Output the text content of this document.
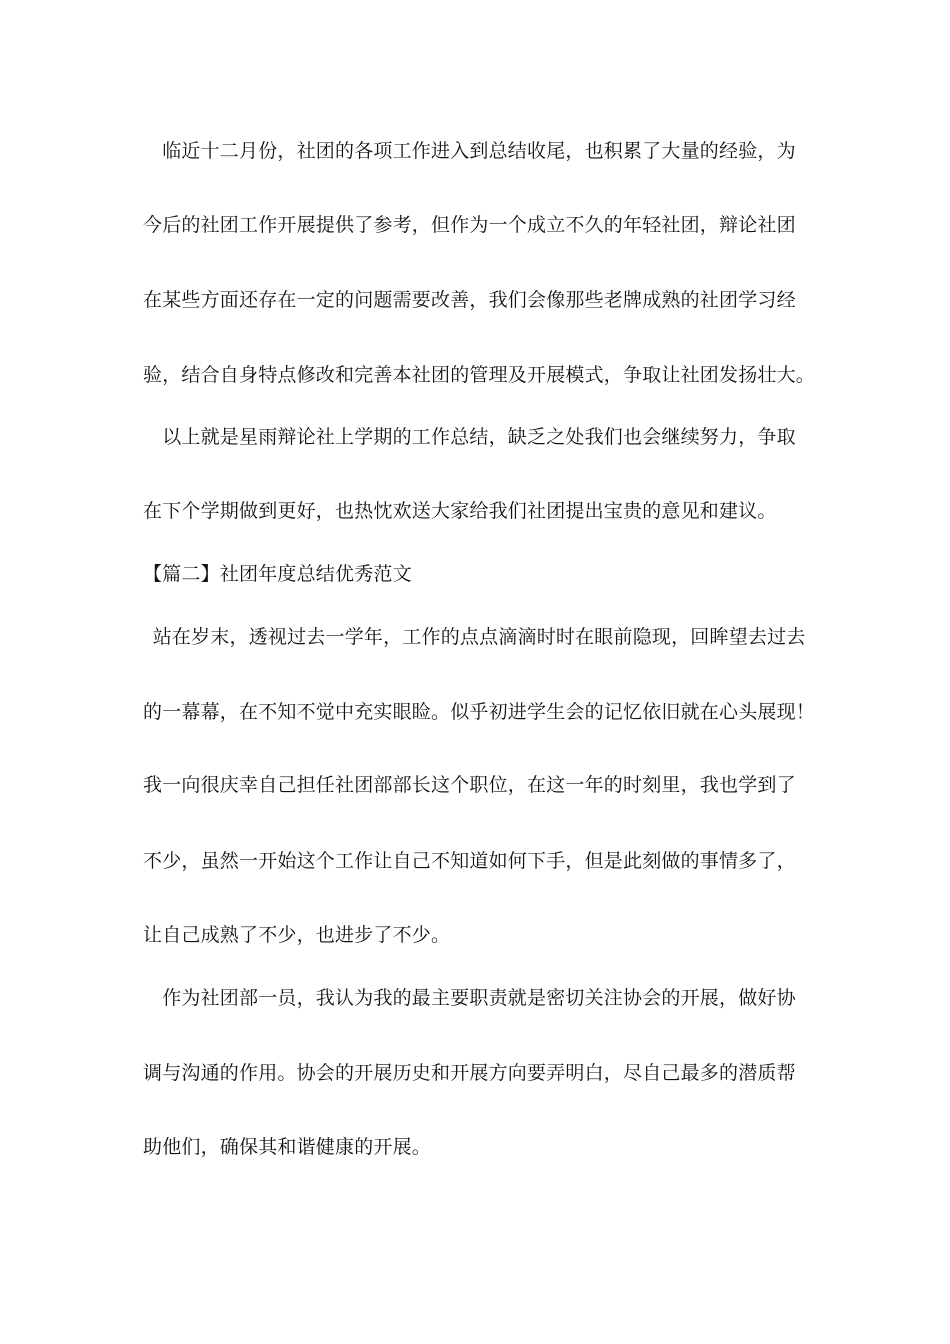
　临近十二月份，社团的各项工作进入到总结收尾，也积累了大量的经验，为
今后的社团工作开展提供了参考，但作为一个成立不久的年轻社团，辩论社团
在某些方面还存在一定的问题需要改善，我们会像那些老牌成熟的社团学习经
验，结合自身特点修改和完善本社团的管理及开展模式，争取让社团发扬壮大。
　以上就是星雨辩论社上学期的工作总结，缺乏之处我们也会继续努力，争取
在下个学期做到更好，也热忱欢送大家给我们社团提出宝贵的意见和建议。
【篇二】社团年度总结优秀范文
 站在岁末，透视过去一学年，工作的点点滴滴时时在眼前隐现，回眸望去过去
的一幕幕，在不知不觉中充实眼睑。似乎初进学生会的记忆依旧就在心头展现！
我一向很庆幸自己担任社团部部长这个职位，在这一年的时刻里，我也学到了
不少，虽然一开始这个工作让自己不知道如何下手，但是此刻做的事情多了，
让自己成熟了不少，也进步了不少。
　作为社团部一员，我认为我的最主要职责就是密切关注协会的开展，做好协
调与沟通的作用。协会的开展历史和开展方向要弄明白，尽自己最多的潜质帮
助他们，确保其和谐健康的开展。
